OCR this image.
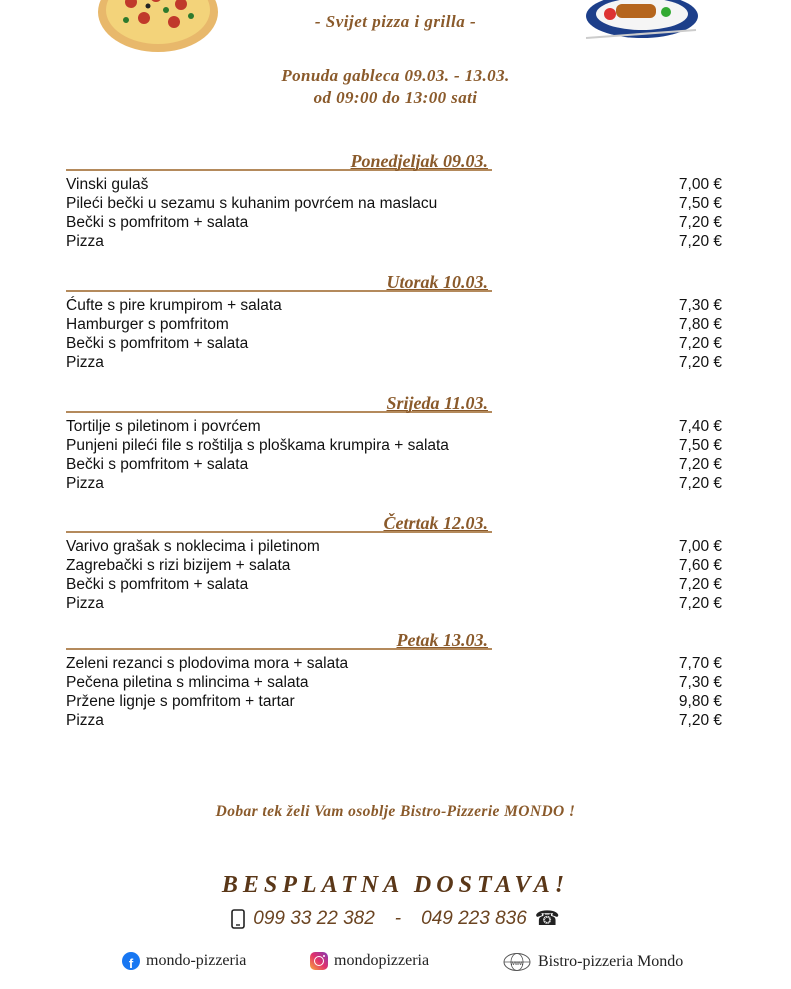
- Svijet pizza i grilla -
Ponuda gableca 09.03. - 13.03.
od 09:00 do 13:00 sati
Ponedjeljak 09.03.
Vinski gulaš	7,00 €
Pileći bečki u sezamu s kuhanim povrćem na maslacu	7,50 €
Bečki s pomfritom + salata	7,20 €
Pizza	7,20 €
Utorak 10.03.
Ćufte s pire krumpirom + salata	7,30 €
Hamburger s pomfritom	7,80 €
Bečki s pomfritom + salata	7,20 €
Pizza	7,20 €
Srijeda 11.03.
Tortilje s piletinom i povrćem	7,40 €
Punjeni pileći file s roštilja s ploškama krumpira + salata	7,50 €
Bečki s pomfritom + salata	7,20 €
Pizza	7,20 €
Četrtak 12.03.
Varivo grašak s noklecima i piletinom	7,00 €
Zagrebački s rizi bizijem + salata	7,60 €
Bečki s pomfritom + salata	7,20 €
Pizza	7,20 €
Petak 13.03.
Zeleni rezanci s plodovima mora + salata	7,70 €
Pečena piletina s mlincima + salata	7,30 €
Pržene lignje s pomfritom + tartar	9,80 €
Pizza	7,20 €
Dobar tek želi Vam osoblje Bistro-Pizzerie MONDO !
BESPLATNA DOSTAVA!
099 33 22 382	-	049 223 836 ☎
f mondo-pizzeria	mondopizzeria	www Bistro-pizzeria Mondo
